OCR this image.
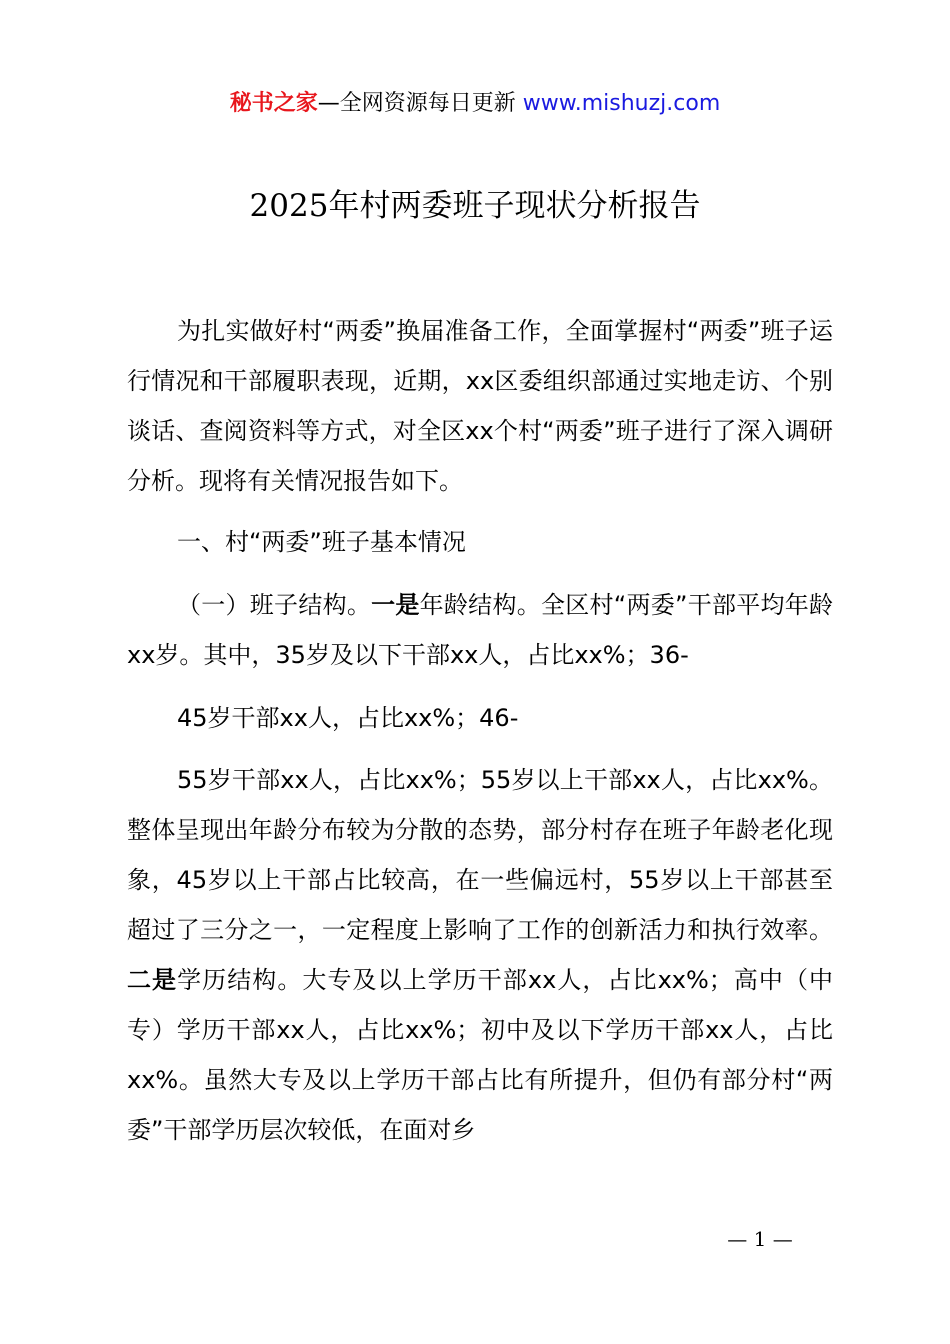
秘书之家—全网资源每日更新 www.mishuzj.com
2025年村两委班子现状分析报告

为扎实做好村“两委”换届准备工作，全面掌握村“两委”班子运行情况和干部履职表现，近期，xx区委组织部通过实地走访、个别谈话、查阅资料等方式，对全区xx个村“两委”班子进行了深入调研分析。现将有关情况报告如下。

一、村“两委”班子基本情况

（一）班子结构。一是年龄结构。全区村“两委”干部平均年龄xx岁。其中，35岁及以下干部xx人，占比xx%；36-

45岁干部xx人，占比xx%；46-

55岁干部xx人，占比xx%；55岁以上干部xx人，占比xx%。整体呈现出年龄分布较为分散的态势，部分村存在班子年龄老化现象，45岁以上干部占比较高，在一些偏远村，55岁以上干部甚至超过了三分之一，一定程度上影响了工作的创新活力和执行效率。二是学历结构。大专及以上学历干部xx人，占比xx%；高中（中专）学历干部xx人，占比xx%；初中及以下学历干部xx人，占比xx%。虽然大专及以上学历干部占比有所提升，但仍有部分村“两委”干部学历层次较低，在面对乡

— 1 —
